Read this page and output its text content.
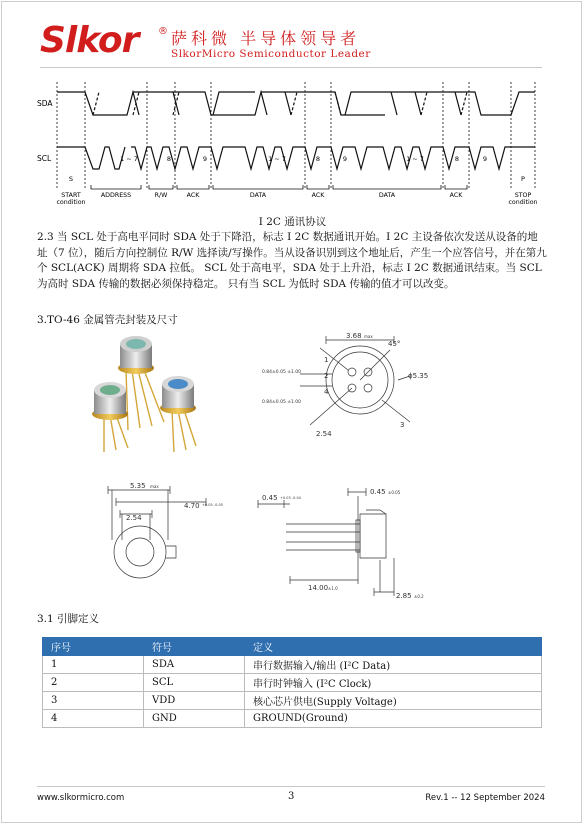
Slkor ® 萨科微 半导体领导者
SlkorMicro Semiconductor Leader
SDA
SCL	1 ~ 7	8	9	1 ~ 7	8	9	1 ~ 7	8	9
S	P
START
condition
ADDRESS	R/W	ACK	DATA	ACK	DATA	ACK	STOP
condition
I 2C 通讯协议
2.3 当 SCL 处于高电平同时 SDA 处于下降沿，标志 I 2C 数据通讯开始。I 2C 主设备依次发送从设备的地址（7 位），随后方向控制位 R/W 选择读/写操作。当从设备识别到这个地址后，产生一个应答信号，并在第九个 SCL(ACK) 周期将 SDA 拉低。 SCL 处于高电平，SDA 处于上升沿，标志 I 2C 数据通讯结束。当 SCL 为高时 SDA 传输的数据必须保持稳定。 只有当 SCL 为低时 SDA 传输的值才可以改变。
3.TO-46 金属管壳封装及尺寸
3.68 max
45°
ϕ5.35
2.54
0.84±0.05 ±1.00
0.84±0.05 ±1.00
1
2
3
4
5.35 max
4.70 +0.05 -0.05
2.54
0.45 +0.03 -0.04
0.45 ±0.05
14.00 ±1.0
2.85 ±0.2
3.1 引脚定义
序号	符号	定义
1	SDA	串行数据输入/输出 (I²C Data)
2	SCL	串行时钟输入 (I²C Clock)
3	VDD	核心芯片供电(Supply Voltage)
4	GND	GROUND(Ground)
www.slkormicro.com	3	Rev.1 -- 12 September 2024
